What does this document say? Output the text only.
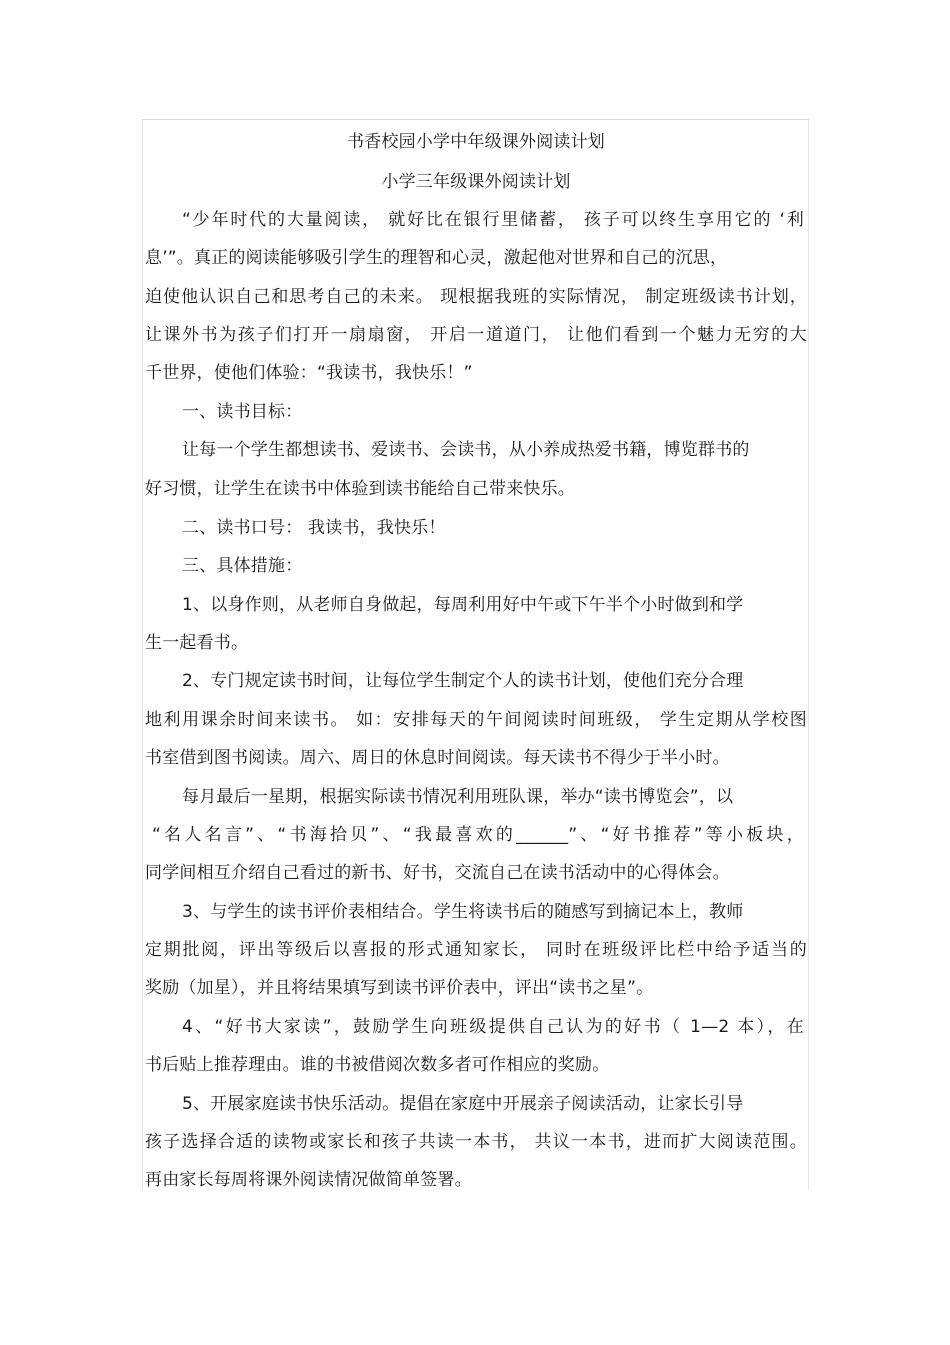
书香校园小学中年级课外阅读计划
小学三年级课外阅读计划
“少年时代的大量阅读， 就好比在银行里储蓄， 孩子可以终生享用它的 ‘利
息’”。真正的阅读能够吸引学生的理智和心灵，激起他对世界和自己的沉思，
迫使他认识自己和思考自己的未来。 现根据我班的实际情况， 制定班级读书计划，
让课外书为孩子们打开一扇扇窗， 开启一道道门， 让他们看到一个魅力无穷的大
千世界，使他们体验：“我读书，我快乐！”
一、读书目标：
让每一个学生都想读书、爱读书、会读书，从小养成热爱书籍，博览群书的
好习惯，让学生在读书中体验到读书能给自己带来快乐。
二、读书口号： 我读书，我快乐！
三、具体措施：
1、以身作则，从老师自身做起，每周利用好中午或下午半个小时做到和学
生一起看书。
2、专门规定读书时间，让每位学生制定个人的读书计划，使他们充分合理
地利用课余时间来读书。 如：安排每天的午间阅读时间班级， 学生定期从学校图
书室借到图书阅读。周六、周日的休息时间阅读。每天读书不得少于半小时。
每月最后一星期，根据实际读书情况利用班队课，举办“读书博览会”，以
“名人名言”、“书海拾贝”、“我最喜欢的______”、“好书推荐”等小板块，
同学间相互介绍自己看过的新书、好书，交流自己在读书活动中的心得体会。
3、与学生的读书评价表相结合。学生将读书后的随感写到摘记本上，教师
定期批阅，评出等级后以喜报的形式通知家长， 同时在班级评比栏中给予适当的
奖励（加星），并且将结果填写到读书评价表中，评出“读书之星”。
4、“好书大家读”，鼓励学生向班级提供自己认为的好书（ 1—2 本），在
书后贴上推荐理由。谁的书被借阅次数多者可作相应的奖励。
5、开展家庭读书快乐活动。提倡在家庭中开展亲子阅读活动，让家长引导
孩子选择合适的读物或家长和孩子共读一本书， 共议一本书，进而扩大阅读范围。
再由家长每周将课外阅读情况做简单签署。
